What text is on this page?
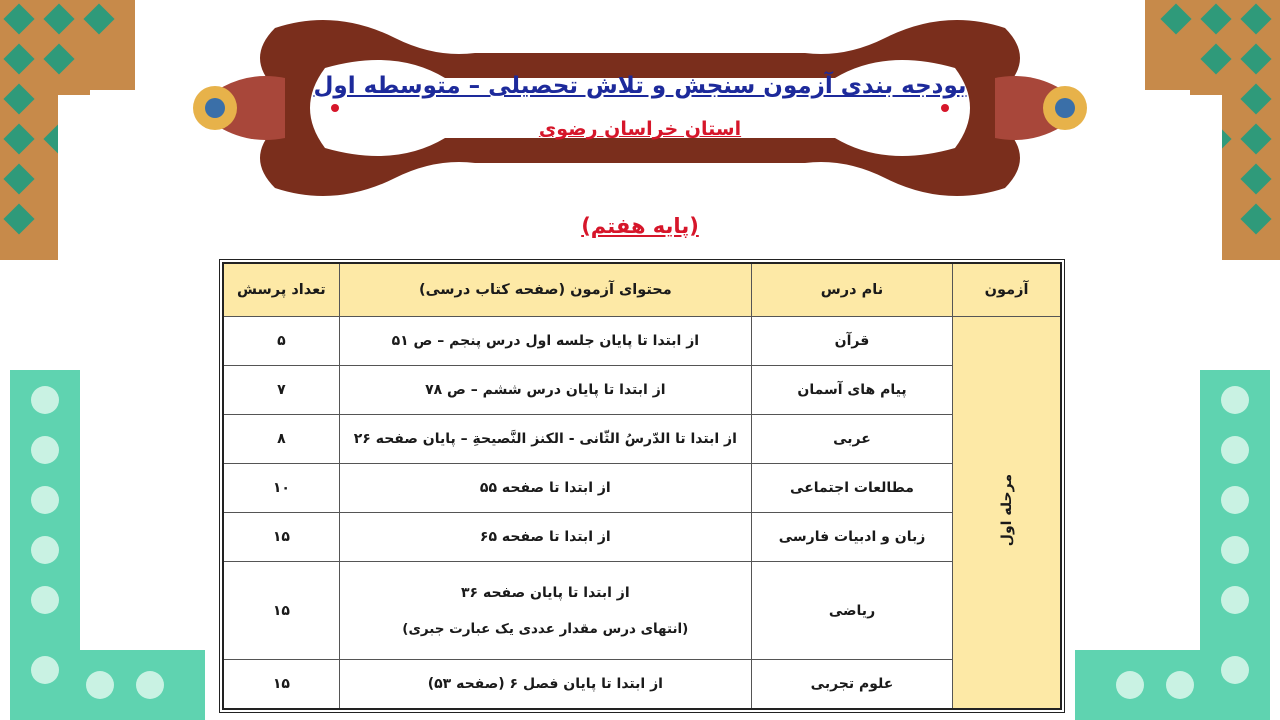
بودجه بندی آزمون سنجش و تلاش تحصیلی – متوسطه اول
استان خراسان رضوی
(پایه هفتم)
آزمون	نام درس	محتوای آزمون (صفحه کتاب درسی)	تعداد پرسش
مرحله اول	قرآن	از ابتدا تا پایان جلسه اول درس پنجم – ص ۵۱	۵
	پیام های آسمان	از ابتدا تا پایان درس ششم – ص ۷۸	۷
	عربی	از ابتدا تا الدّرسُ الثّانی - الکنز النَّصیحةِ – پایان صفحه ۲۶	۸
	مطالعات اجتماعی	از ابتدا تا صفحه ۵۵	۱۰
	زبان و ادبیات فارسی	از ابتدا تا صفحه ۶۵	۱۵
	ریاضی	از ابتدا تا پایان صفحه ۳۶
(انتهای درس مقدار عددی یک عبارت جبری)	۱۵
	علوم تجربی	از ابتدا تا پایان فصل ۶ (صفحه ۵۳)	۱۵
